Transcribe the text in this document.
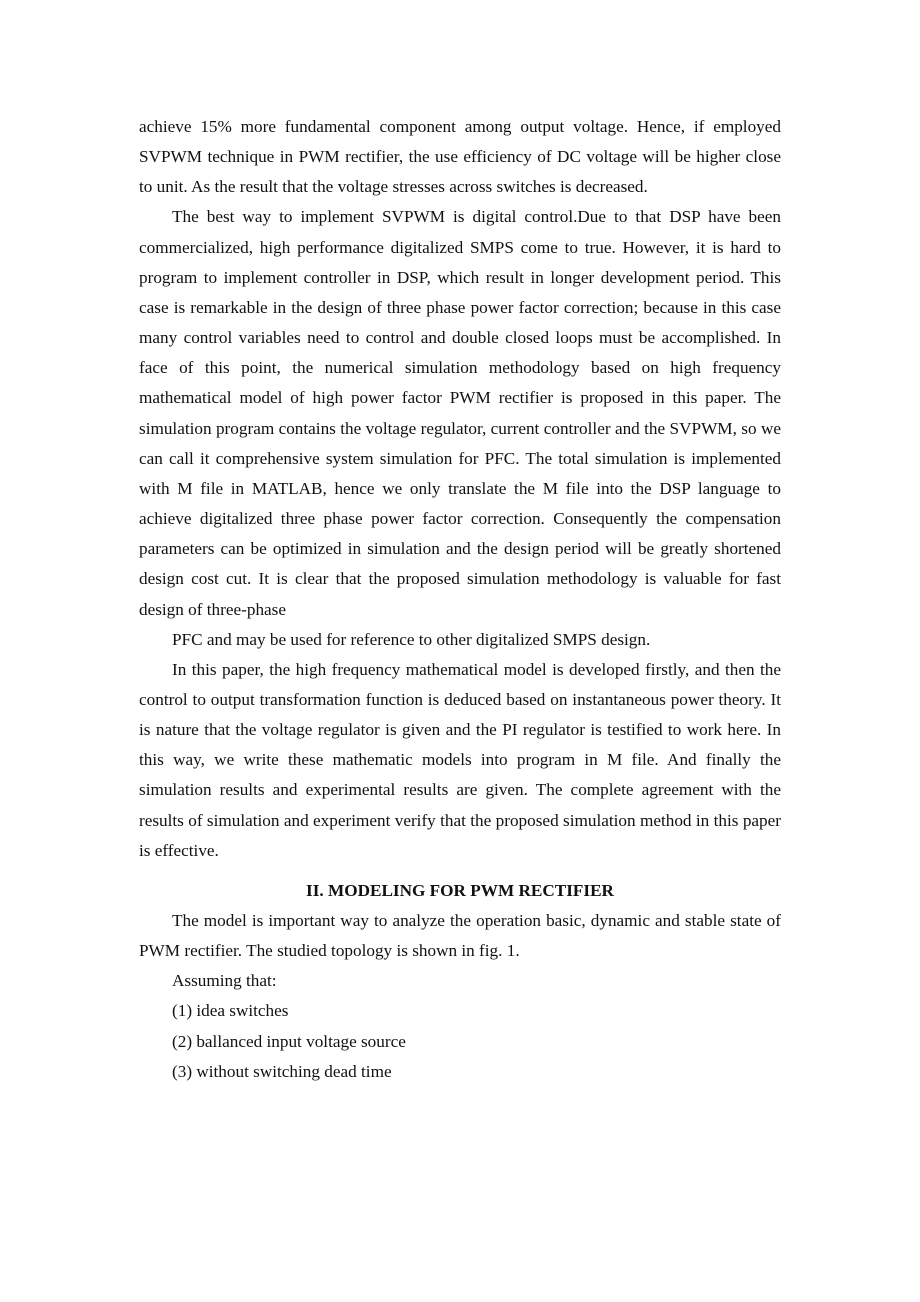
achieve 15% more fundamental component among output voltage. Hence, if employed SVPWM technique in PWM rectifier, the use efficiency of DC voltage will be higher close to unit. As the result that the voltage stresses across switches is decreased.

The best way to implement SVPWM is digital control.Due to that DSP have been commercialized, high performance digitalized SMPS come to true. However, it is hard to program to implement controller in DSP, which result in longer development period. This case is remarkable in the design of three phase power factor correction; because in this case many control variables need to control and double closed loops must be accomplished. In face of this point, the numerical simulation methodology based on high frequency mathematical model of high power factor PWM rectifier is proposed in this paper. The simulation program contains the voltage regulator, current controller and the SVPWM, so we can call it comprehensive system simulation for PFC. The total simulation is implemented with M file in MATLAB, hence we only translate the M file into the DSP language to achieve digitalized three phase power factor correction. Consequently the compensation parameters can be optimized in simulation and the design period will be greatly shortened design cost cut. It is clear that the proposed simulation methodology is valuable for fast design of three-phase

PFC and may be used for reference to other digitalized SMPS design.

In this paper, the high frequency mathematical model is developed firstly, and then the control to output transformation function is deduced based on instantaneous power theory. It is nature that the voltage regulator is given and the PI regulator is testified to work here. In this way, we write these mathematic models into program in M file. And finally the simulation results and experimental results are given. The complete agreement with the results of simulation and experiment verify that the proposed simulation method in this paper is effective.

II. MODELING FOR PWM RECTIFIER

The model is important way to analyze the operation basic, dynamic and stable state of PWM rectifier. The studied topology is shown in fig. 1.

Assuming that:

(1) idea switches

(2) ballanced input voltage source

(3) without switching dead time
